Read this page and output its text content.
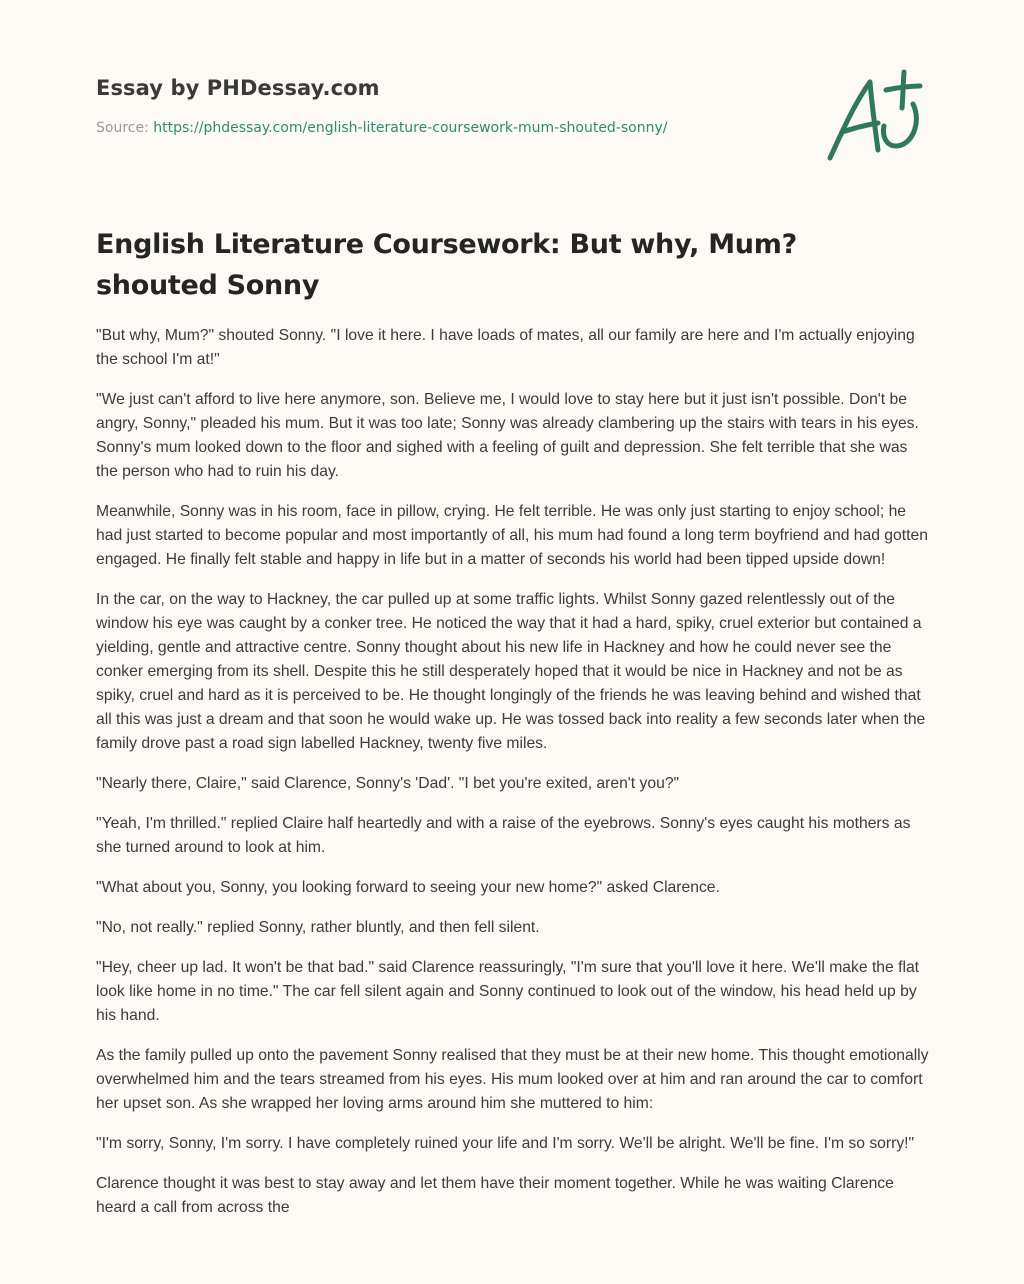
Essay by PHDessay.com
Source: https://phdessay.com/english-literature-coursework-mum-shouted-sonny/
English Literature Coursework: But why, Mum? shouted Sonny

"But why, Mum?" shouted Sonny. "I love it here. I have loads of mates, all our family are here and I'm actually enjoying the school I'm at!"

"We just can't afford to live here anymore, son. Believe me, I would love to stay here but it just isn't possible. Don't be angry, Sonny," pleaded his mum. But it was too late; Sonny was already clambering up the stairs with tears in his eyes. Sonny's mum looked down to the floor and sighed with a feeling of guilt and depression. She felt terrible that she was the person who had to ruin his day.

Meanwhile, Sonny was in his room, face in pillow, crying. He felt terrible. He was only just starting to enjoy school; he had just started to become popular and most importantly of all, his mum had found a long term boyfriend and had gotten engaged. He finally felt stable and happy in life but in a matter of seconds his world had been tipped upside down!

In the car, on the way to Hackney, the car pulled up at some traffic lights. Whilst Sonny gazed relentlessly out of the window his eye was caught by a conker tree. He noticed the way that it had a hard, spiky, cruel exterior but contained a yielding, gentle and attractive centre. Sonny thought about his new life in Hackney and how he could never see the conker emerging from its shell. Despite this he still desperately hoped that it would be nice in Hackney and not be as spiky, cruel and hard as it is perceived to be. He thought longingly of the friends he was leaving behind and wished that all this was just a dream and that soon he would wake up. He was tossed back into reality a few seconds later when the family drove past a road sign labelled Hackney, twenty five miles.

"Nearly there, Claire," said Clarence, Sonny's 'Dad'. "I bet you're exited, aren't you?"

"Yeah, I'm thrilled." replied Claire half heartedly and with a raise of the eyebrows. Sonny's eyes caught his mothers as she turned around to look at him.

"What about you, Sonny, you looking forward to seeing your new home?" asked Clarence.

"No, not really." replied Sonny, rather bluntly, and then fell silent.

"Hey, cheer up lad. It won't be that bad." said Clarence reassuringly, "I'm sure that you'll love it here. We'll make the flat look like home in no time." The car fell silent again and Sonny continued to look out of the window, his head held up by his hand.

As the family pulled up onto the pavement Sonny realised that they must be at their new home. This thought emotionally overwhelmed him and the tears streamed from his eyes. His mum looked over at him and ran around the car to comfort her upset son. As she wrapped her loving arms around him she muttered to him:

"I'm sorry, Sonny, I'm sorry. I have completely ruined your life and I'm sorry. We'll be alright. We'll be fine. I'm so sorry!"

Clarence thought it was best to stay away and let them have their moment together. While he was waiting Clarence heard a call from across the
